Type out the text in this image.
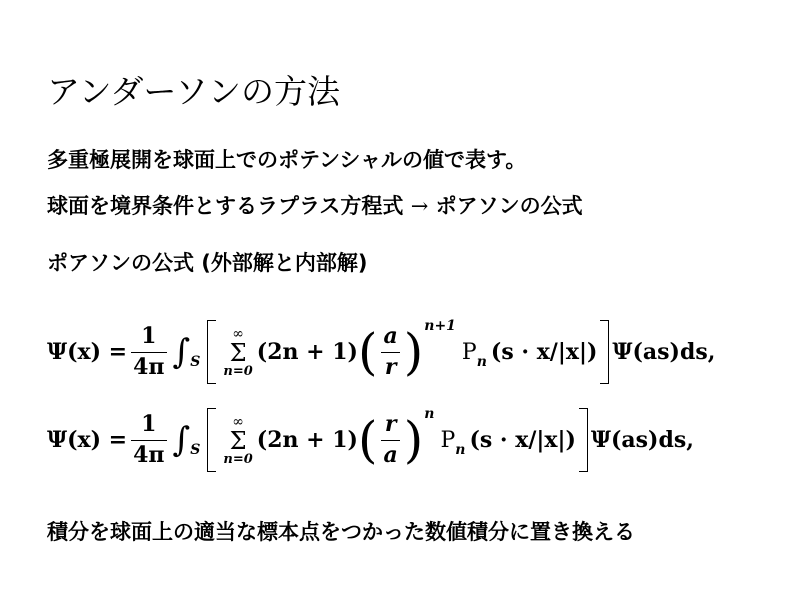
アンダーソンの方法

多重極展開を球面上でのポテンシャルの値で表す。

球面を境界条件とするラプラス方程式 → ポアソンの公式

ポアソンの公式 (外部解と内部解)

$\Psi(x) = \frac{1}{4\pi}$ ∫ S
∞
Σ
n=0
(2n + 1) ( $\frac{a}{r}$ ) n+1
P n (s · x/|x|) Ψ(as)ds,
$\Psi(x) = \frac{1}{4\pi}$ ∫ S
∞
Σ
n=0
(2n + 1) ( $\frac{r}{a}$ ) n
P n (s · x/|x|) Ψ(as)ds,

積分を球面上の適当な標本点をつかった数値積分に置き換える
